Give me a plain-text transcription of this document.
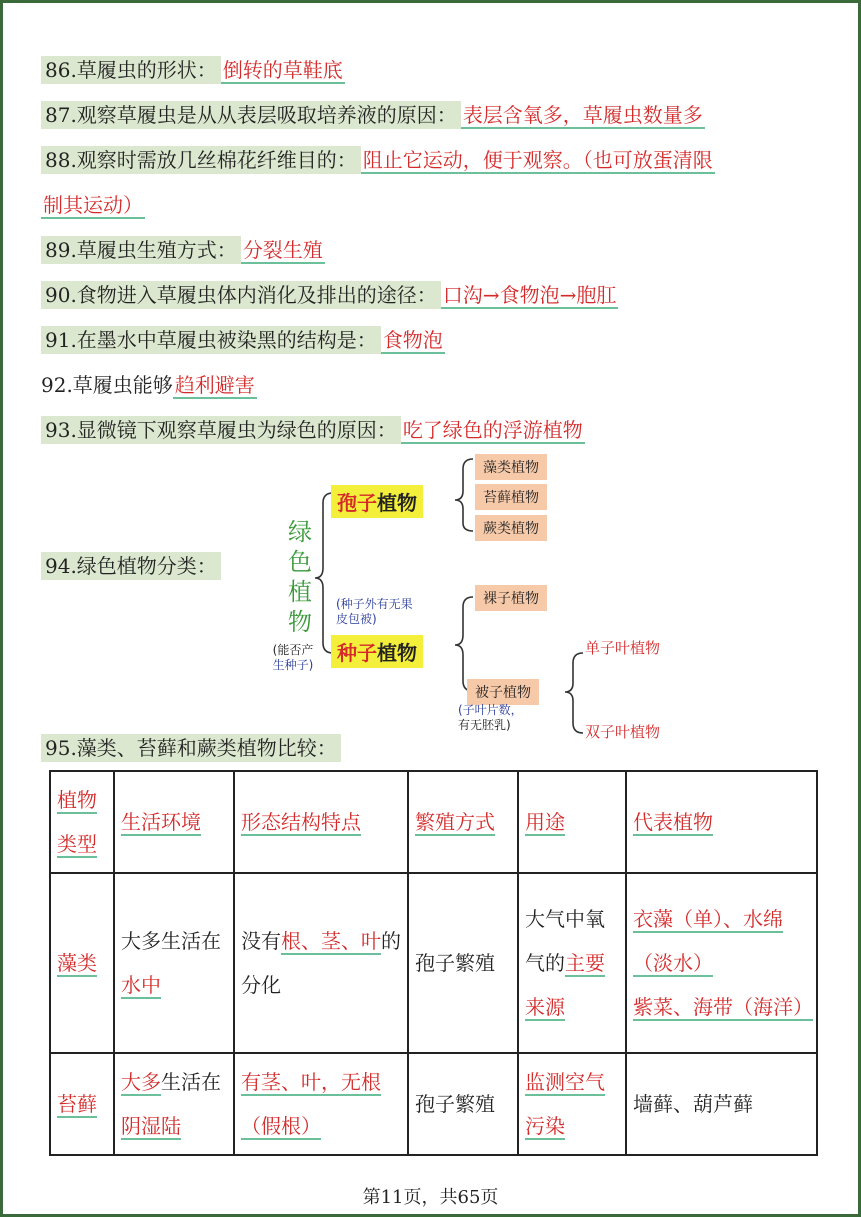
86.草履虫的形状： 倒转的草鞋底
87.观察草履虫是从从表层吸取培养液的原因： 表层含氧多，草履虫数量多
88.观察时需放几丝棉花纤维目的： 阻止它运动，便于观察。（也可放蛋清限
制其运动）
89.草履虫生殖方式： 分裂生殖
90.食物进入草履虫体内消化及排出的途径： 口沟→食物泡→胞肛
91.在墨水中草履虫被染黑的结构是： 食物泡
92.草履虫能够 趋利避害
93.显微镜下观察草履虫为绿色的原因： 吃了绿色的浮游植物
94.绿色植物分类：
绿
色
植
物
(能否产
生种子)
孢子植物
(种子外有无果
皮包被)
种子植物
藻类植物
苔藓植物
蕨类植物
裸子植物
被子植物
(子叶片数，
有无胚乳)
单子叶植物
双子叶植物
95.藻类、苔藓和蕨类植物比较：
植物类型	生活环境	形态结构特点	繁殖方式	用途	代表植物
藻类	大多生活在水中	没有根、茎、叶的分化	孢子繁殖	大气中氧气的主要来源	衣藻（单）、水绵
（淡水）
紫菜、海带（海洋）

苔藓	大多生活在阴湿陆	有茎、叶，无根（假根）	孢子繁殖	监测空气污染	墙藓、葫芦藓
第11页，共65页
